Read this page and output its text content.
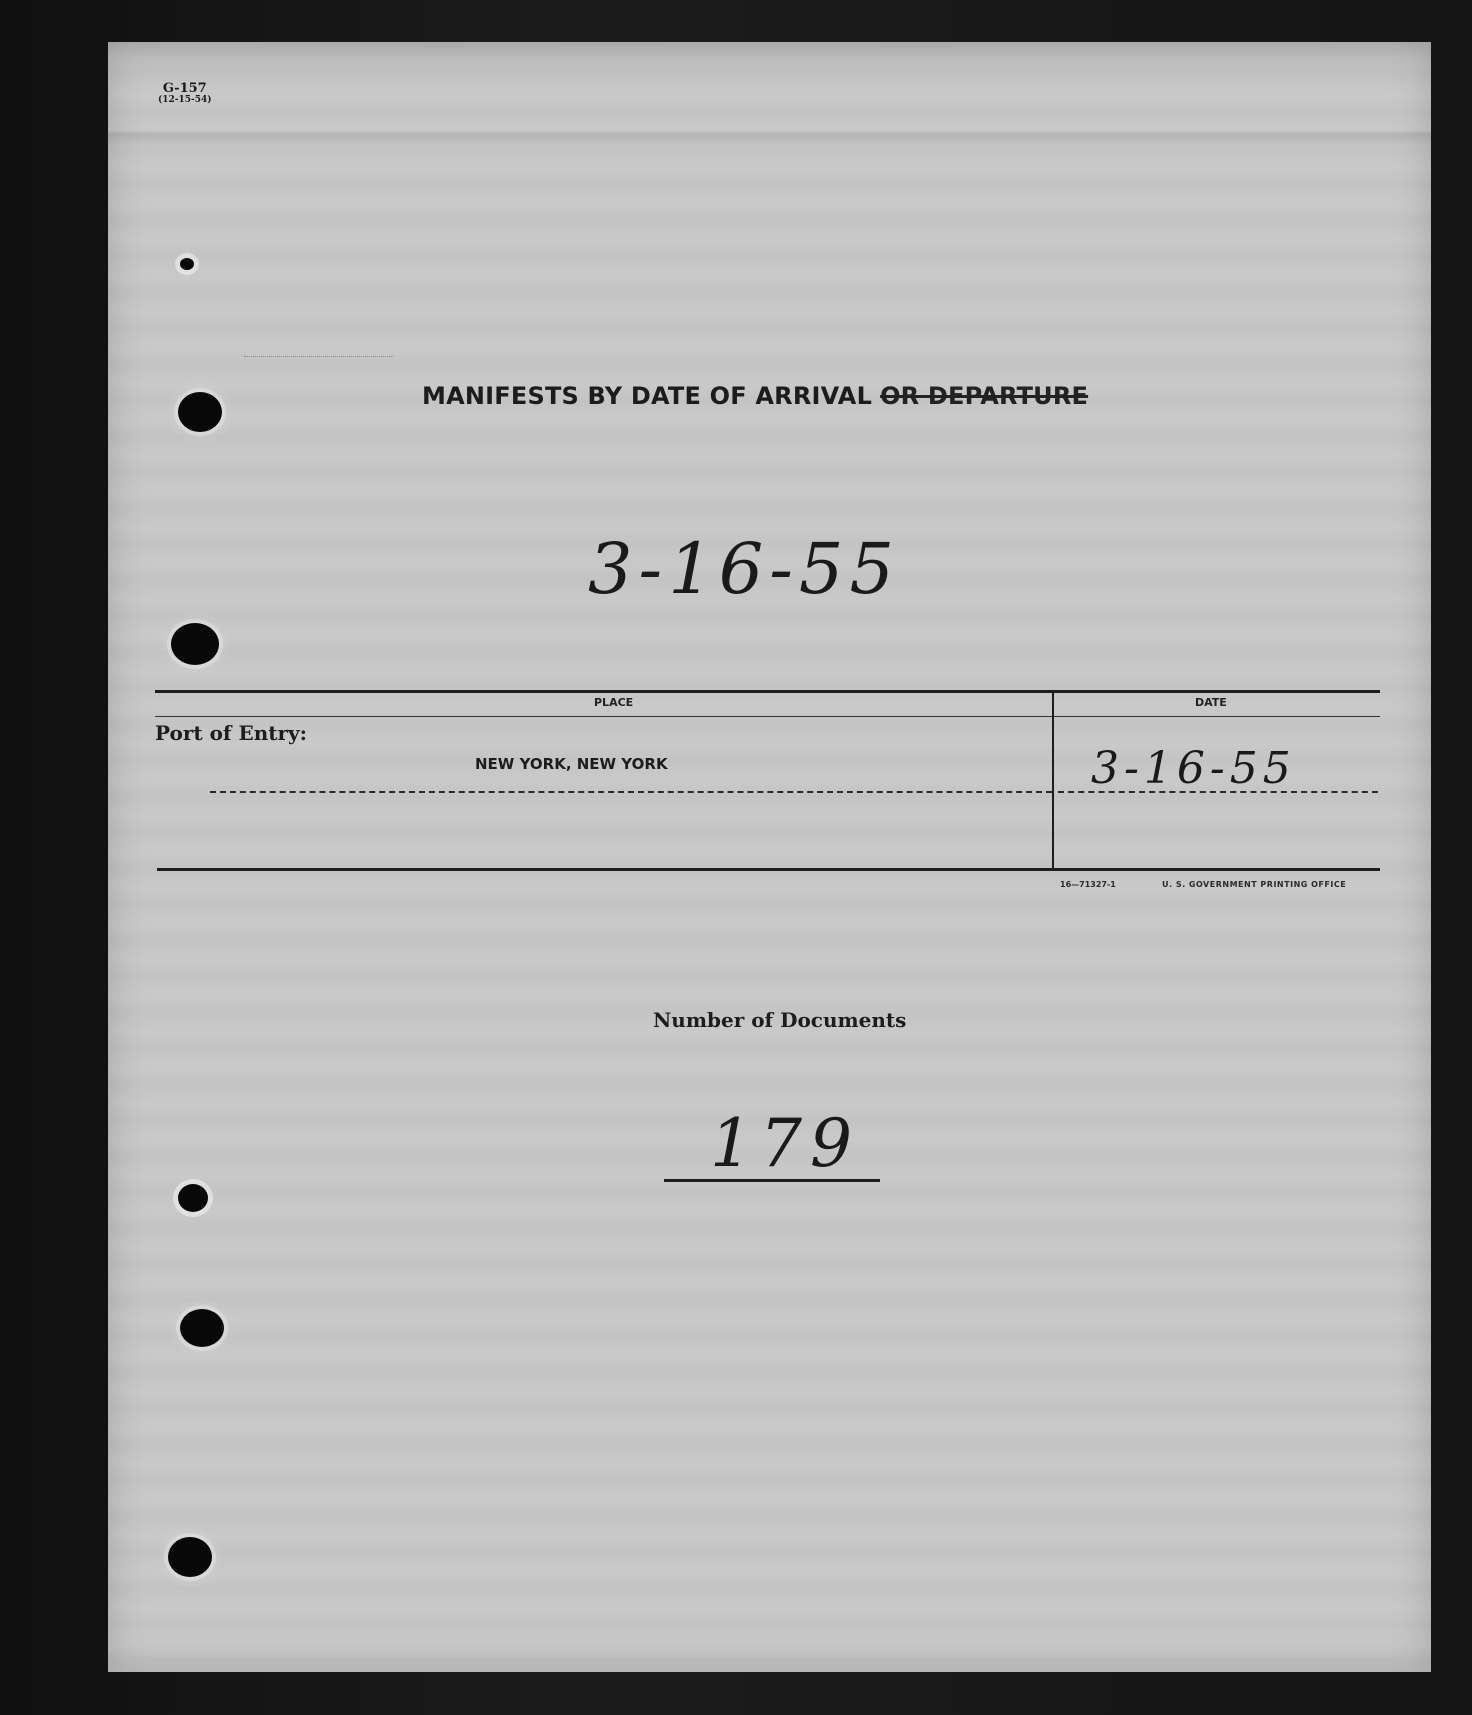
G-157
(12-15-54)
MANIFESTS BY DATE OF ARRIVAL OR DEPARTURE
3-16-55
PLACE	DATE
Port of Entry:
NEW YORK, NEW YORK	3-16-55
16—71327-1	U. S. GOVERNMENT PRINTING OFFICE
Number of Documents
179
